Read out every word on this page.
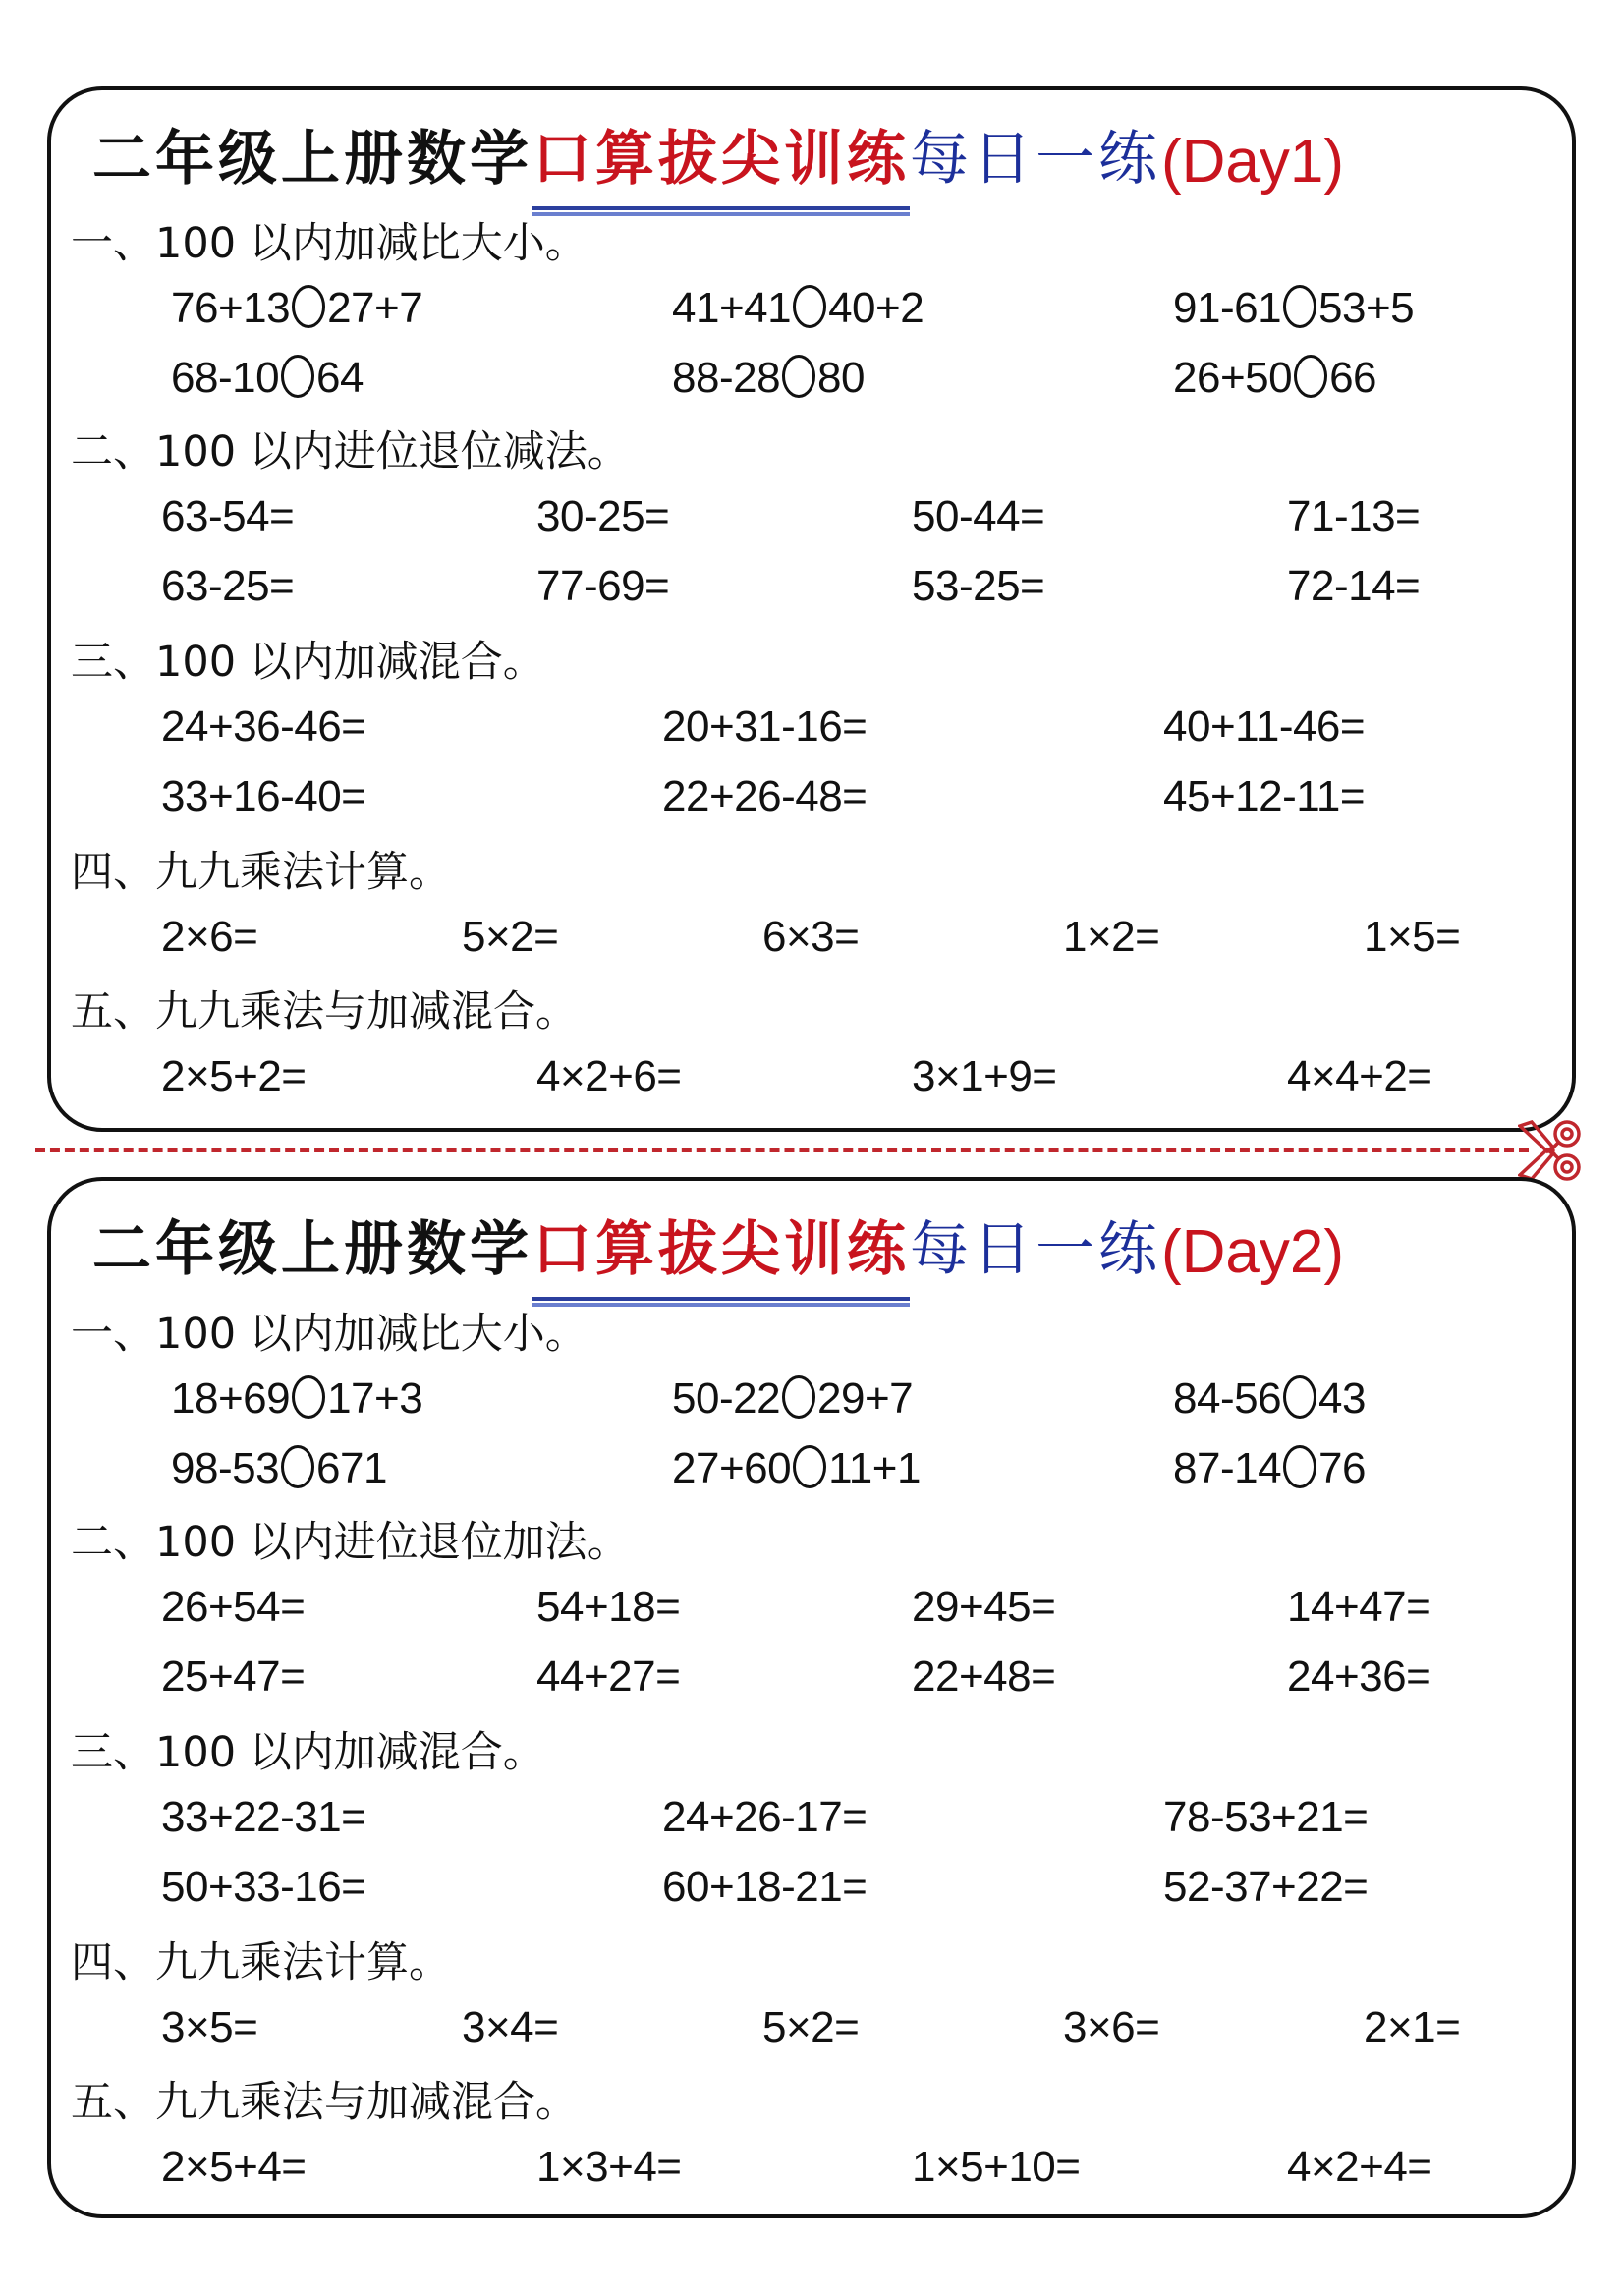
二年级上册数学 口算拔尖训练 每日一练 (Day1)
一、100 以内加减比大小。
76+13 27+7	41+41 40+2	91-61 53+5
68-10 64	88-28 80	26+50 66
二、100 以内进位退位减法。
63-54=	30-25=	50-44=	71-13=
63-25=	77-69=	53-25=	72-14=
三、100 以内加减混合。
24+36-46=	20+31-16=	40+11-46=
33+16-40=	22+26-48=	45+12-11=
四、九九乘法计算。
2×6=	5×2=	6×3=	1×2=	1×5=
五、九九乘法与加减混合。
2×5+2=	4×2+6=	3×1+9=	4×4+2=
二年级上册数学 口算拔尖训练 每日一练 (Day2)
一、100 以内加减比大小。
18+69 17+3	50-22 29+7	84-56 43
98-53 671	27+60 11+1	87-14 76
二、100 以内进位退位加法。
26+54=	54+18=	29+45=	14+47=
25+47=	44+27=	22+48=	24+36=
三、100 以内加减混合。
33+22-31=	24+26-17=	78-53+21=
50+33-16=	60+18-21=	52-37+22=
四、九九乘法计算。
3×5=	3×4=	5×2=	3×6=	2×1=
五、九九乘法与加减混合。
2×5+4=	1×3+4=	1×5+10=	4×2+4=
